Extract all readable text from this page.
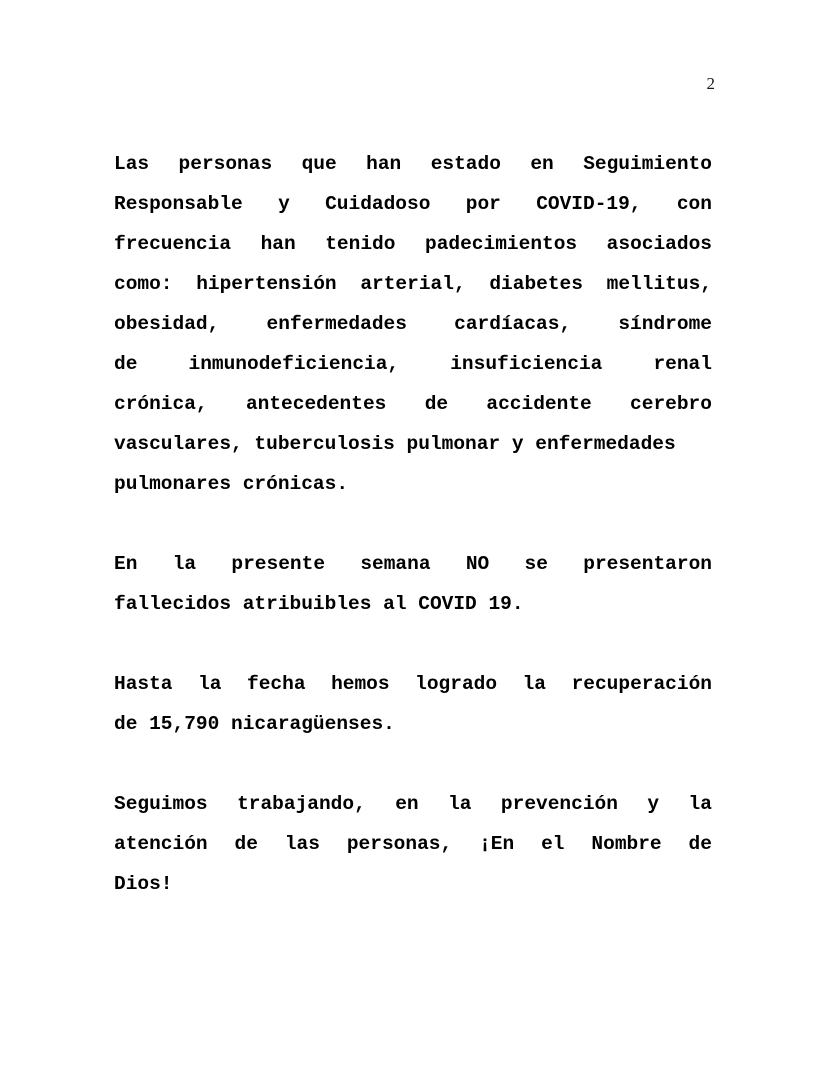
2

Las personas que han estado en Seguimiento
Responsable y Cuidadoso por COVID-19, con
frecuencia han tenido padecimientos asociados
como: hipertensión arterial, diabetes mellitus,
obesidad, enfermedades cardíacas, síndrome
de	inmunodeficiencia,	insuficiencia	renal
crónica, antecedentes de accidente cerebro
vasculares, tuberculosis pulmonar y enfermedades
pulmonares crónicas.

En la presente semana NO se presentaron
fallecidos atribuibles al COVID 19.

Hasta la fecha hemos logrado la recuperación
de 15,790 nicaragüenses.

Seguimos trabajando, en la prevención y la
atención de las personas, ¡En el Nombre de
Dios!
